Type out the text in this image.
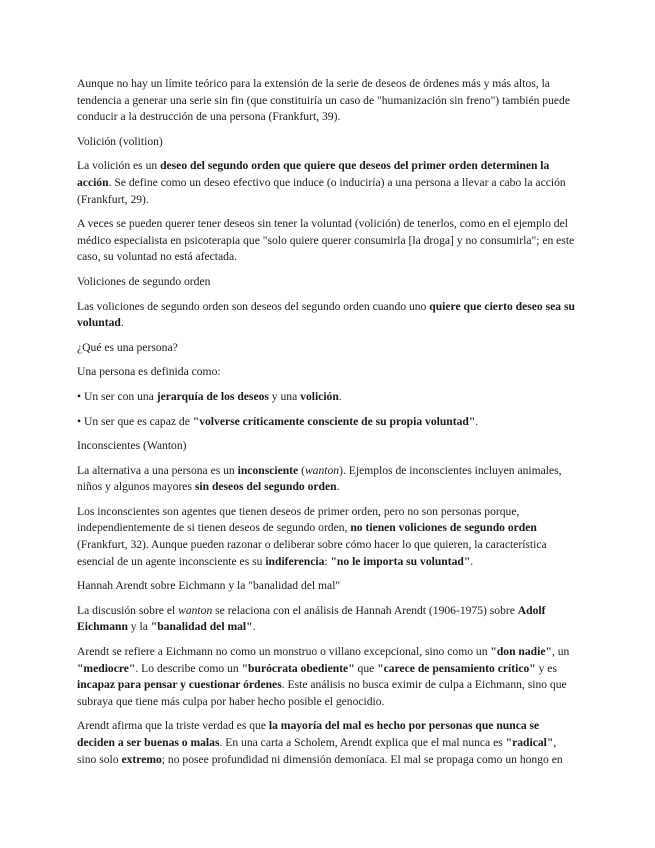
Aunque no hay un límite teórico para la extensión de la serie de deseos de órdenes más y más altos, la tendencia a generar una serie sin fin (que constituiría un caso de "humanización sin freno") también puede conducir a la destrucción de una persona (Frankfurt, 39).

Volición (volition)

La volición es un deseo del segundo orden que quiere que deseos del primer orden determinen la acción. Se define como un deseo efectivo que induce (o induciría) a una persona a llevar a cabo la acción (Frankfurt, 29).

A veces se pueden querer tener deseos sin tener la voluntad (volición) de tenerlos, como en el ejemplo del médico especialista en psicoterapia que "solo quiere querer consumirla [la droga] y no consumirla"; en este caso, su voluntad no está afectada.

Voliciones de segundo orden

Las voliciones de segundo orden son deseos del segundo orden cuando uno quiere que cierto deseo sea su voluntad.

¿Qué es una persona?

Una persona es definida como:

• Un ser con una jerarquía de los deseos y una volición.

• Un ser que es capaz de "volverse críticamente consciente de su propia voluntad".

Inconscientes (Wanton)

La alternativa a una persona es un inconsciente (wanton). Ejemplos de inconscientes incluyen animales, niños y algunos mayores sin deseos del segundo orden.

Los inconscientes son agentes que tienen deseos de primer orden, pero no son personas porque, independientemente de si tienen deseos de segundo orden, no tienen voliciones de segundo orden (Frankfurt, 32). Aunque pueden razonar o deliberar sobre cómo hacer lo que quieren, la característica esencial de un agente inconsciente es su indiferencia: "no le importa su voluntad".

Hannah Arendt sobre Eichmann y la "banalidad del mal"

La discusión sobre el wanton se relaciona con el análisis de Hannah Arendt (1906-1975) sobre Adolf Eichmann y la "banalidad del mal".

Arendt se refiere a Eichmann no como un monstruo o villano excepcional, sino como un "don nadie", un "mediocre". Lo describe como un "burócrata obediente" que "carece de pensamiento crítico" y es incapaz para pensar y cuestionar órdenes. Este análisis no busca eximir de culpa a Eichmann, sino que subraya que tiene más culpa por haber hecho posible el genocidio.

Arendt afirma que la triste verdad es que la mayoría del mal es hecho por personas que nunca se deciden a ser buenas o malas. En una carta a Scholem, Arendt explica que el mal nunca es "radical", sino solo extremo; no posee profundidad ni dimensión demoníaca. El mal se propaga como un hongo en
